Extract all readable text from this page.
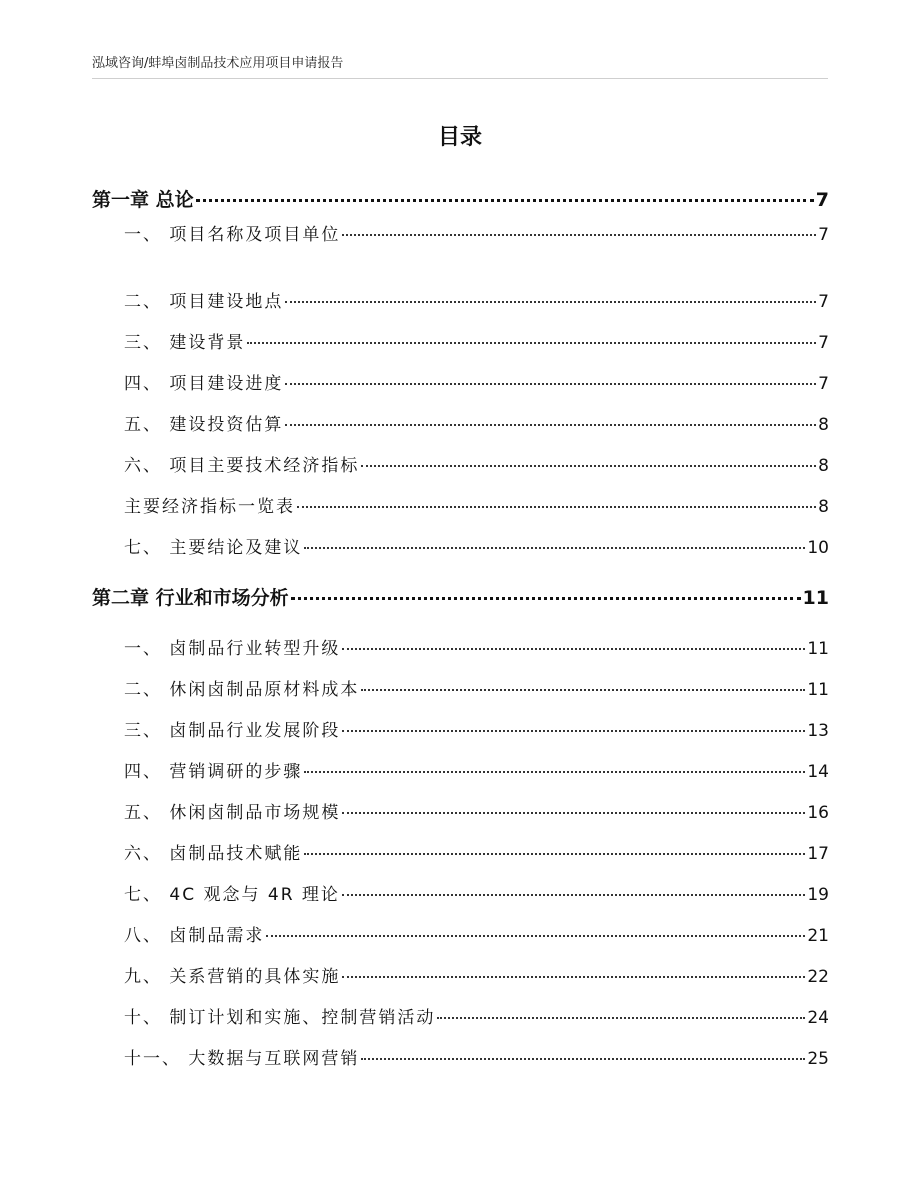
泓域咨询/蚌埠卤制品技术应用项目申请报告
目录
第一章 总论	7
一、 项目名称及项目单位	7
二、 项目建设地点	7
三、 建设背景	7
四、 项目建设进度	7
五、 建设投资估算	8
六、 项目主要技术经济指标	8
主要经济指标一览表	8
七、 主要结论及建议	10
第二章 行业和市场分析	11
一、 卤制品行业转型升级	11
二、 休闲卤制品原材料成本	11
三、 卤制品行业发展阶段	13
四、 营销调研的步骤	14
五、 休闲卤制品市场规模	16
六、 卤制品技术赋能	17
七、 4C 观念与 4R 理论	19
八、 卤制品需求	21
九、 关系营销的具体实施	22
十、 制订计划和实施、控制营销活动	24
十一、 大数据与互联网营销	25
